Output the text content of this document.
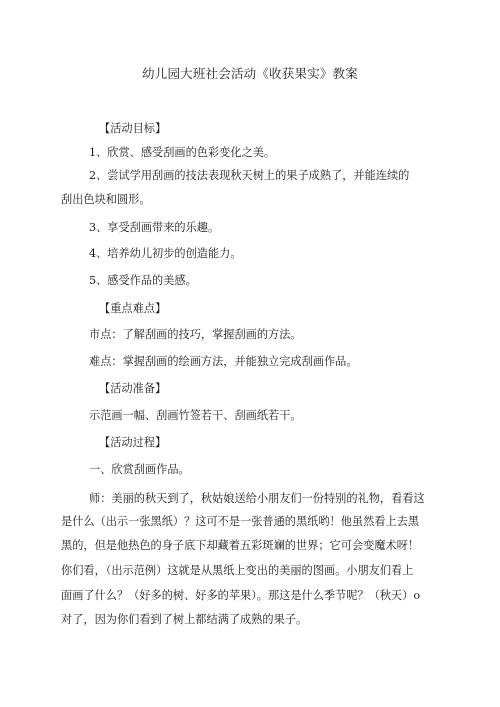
幼儿园大班社会活动《收获果实》教案
【活动目标】
1、欣赏、感受刮画的色彩变化之美。
2、尝试学用刮画的技法表现秋天树上的果子成熟了，并能连续的
刮出色块和圆形。
3、享受刮画带来的乐趣。
4、培养幼儿初步的创造能力。
5、感受作品的美感。
【重点难点】
市点：了解刮画的技巧，掌握刮画的方法。
难点：掌握刮画的绘画方法，并能独立完成刮画作品。
【活动准备】
示范画一幅、刮画竹签若干、刮画纸若干。
【活动过程】
一、欣赏刮画作品。
师：美丽的秋天到了，秋姑娘送给小朋友们一份特别的礼物，看看这
是什么（出示一张黑纸）？这可不是一张普通的黑纸哟！他虽然看上去黑
黑的，但是他热色的身子底下却藏着五彩斑斓的世界；它可会变魔术呀！
你们看，（出示范例）这就是从黑纸上变出的美丽的图画。小朋友们看上
面画了什么？（好多的树、好多的苹果）。那这是什么季节呢？（秋天）o
对了，因为你们看到了树上都结满了成熟的果子。
